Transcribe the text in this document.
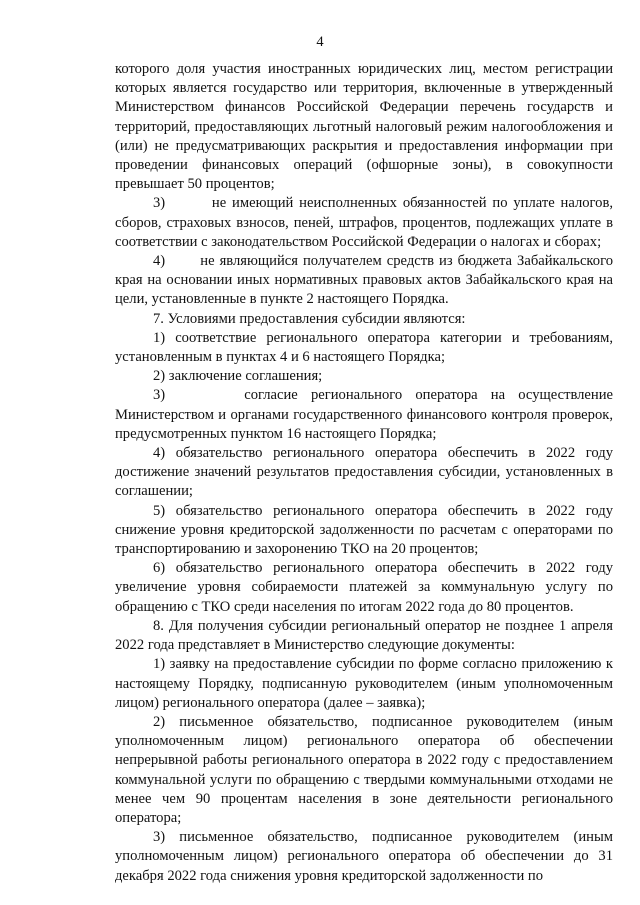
4

которого доля участия иностранных юридических лиц, местом регистрации которых является государство или территория, включенные в утвержденный Министерством финансов Российской Федерации перечень государств и территорий, предоставляющих льготный налоговый режим налогообложения и (или) не предусматривающих раскрытия и предоставления информации при проведении финансовых операций (офшорные зоны), в совокупности превышает 50 процентов;

3)        не имеющий неисполненных обязанностей по уплате налогов, сборов, страховых взносов, пеней, штрафов, процентов, подлежащих уплате в соответствии с законодательством Российской Федерации о налогах и сборах;

4)       не являющийся получателем средств из бюджета Забайкальского края на основании иных нормативных правовых актов Забайкальского края на цели, установленные в пункте 2 настоящего Порядка.

7. Условиями предоставления субсидии являются:

1) соответствие регионального оператора категории и требованиям, установленным в пунктах 4 и 6 настоящего Порядка;

2) заключение соглашения;

3)      согласие регионального оператора на осуществление Министерством и органами государственного финансового контроля проверок, предусмотренных пунктом 16 настоящего Порядка;

4) обязательство регионального оператора обеспечить в 2022 году достижение значений результатов предоставления субсидии, установленных в соглашении;

5) обязательство регионального оператора обеспечить в 2022 году снижение уровня кредиторской задолженности по расчетам с операторами по транспортированию и захоронению ТКО на 20 процентов;

6) обязательство регионального оператора обеспечить в 2022 году увеличение уровня собираемости платежей за коммунальную услугу по обращению с ТКО среди населения по итогам 2022 года до 80 процентов.

8. Для получения субсидии региональный оператор не позднее 1 апреля 2022 года представляет в Министерство следующие документы:

1) заявку на предоставление субсидии по форме согласно приложению к настоящему Порядку, подписанную руководителем (иным уполномоченным лицом) регионального оператора (далее – заявка);

2) письменное обязательство, подписанное руководителем (иным уполномоченным лицом) регионального оператора об обеспечении непрерывной работы регионального оператора в 2022 году с предоставлением коммунальной услуги по обращению с твердыми коммунальными отходами не менее чем 90 процентам населения в зоне деятельности регионального оператора;

3) письменное обязательство, подписанное руководителем (иным уполномоченным лицом) регионального оператора об обеспечении до 31 декабря 2022 года снижения уровня кредиторской задолженности по
